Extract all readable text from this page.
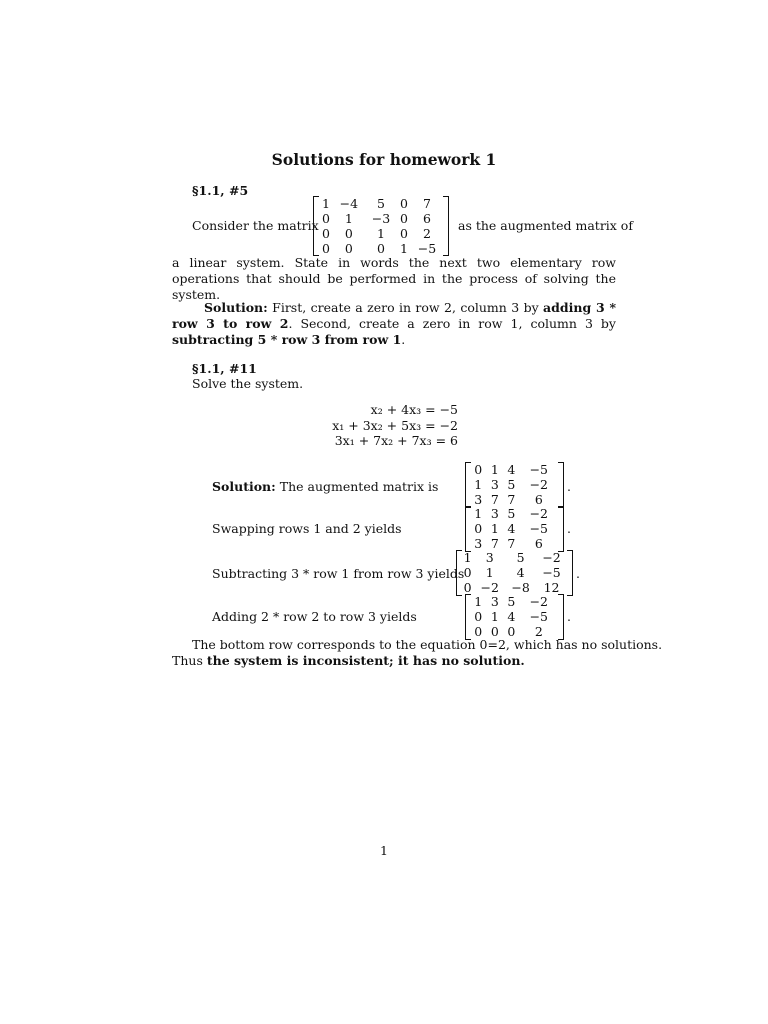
Solutions for homework 1
§1.1, #5
Consider the matrix
1	−4	5	0	7
0	1	−3	0	6
0	0	1	0	2
0	0	0	1	−5
as the augmented matrix of
a linear system. State in words the next two elementary row operations that should be performed in the process of solving the system.
Solution: First, create a zero in row 2, column 3 by adding 3 * row 3 to row 2. Second, create a zero in row 1, column 3 by subtracting 5 * row 3 from row 1.
§1.1, #11
Solve the system.
x₂ + 4x₃ = −5
x₁ + 3x₂ + 5x₃ = −2
3x₁ + 7x₂ + 7x₃ = 6
Solution: The augmented matrix is
0	1	4	−5
1	3	5	−2
3	7	7	6
.
Swapping rows 1 and 2 yields
1	3	5	−2
0	1	4	−5
3	7	7	6
.
Subtracting 3 * row 1 from row 3 yields
1	3	5	−2
0	1	4	−5
0	−2	−8	12
.
Adding 2 * row 2 to row 3 yields
1	3	5	−2
0	1	4	−5
0	0	0	2
.
The bottom row corresponds to the equation 0=2, which has no solutions.
Thus the system is inconsistent; it has no solution.
1
